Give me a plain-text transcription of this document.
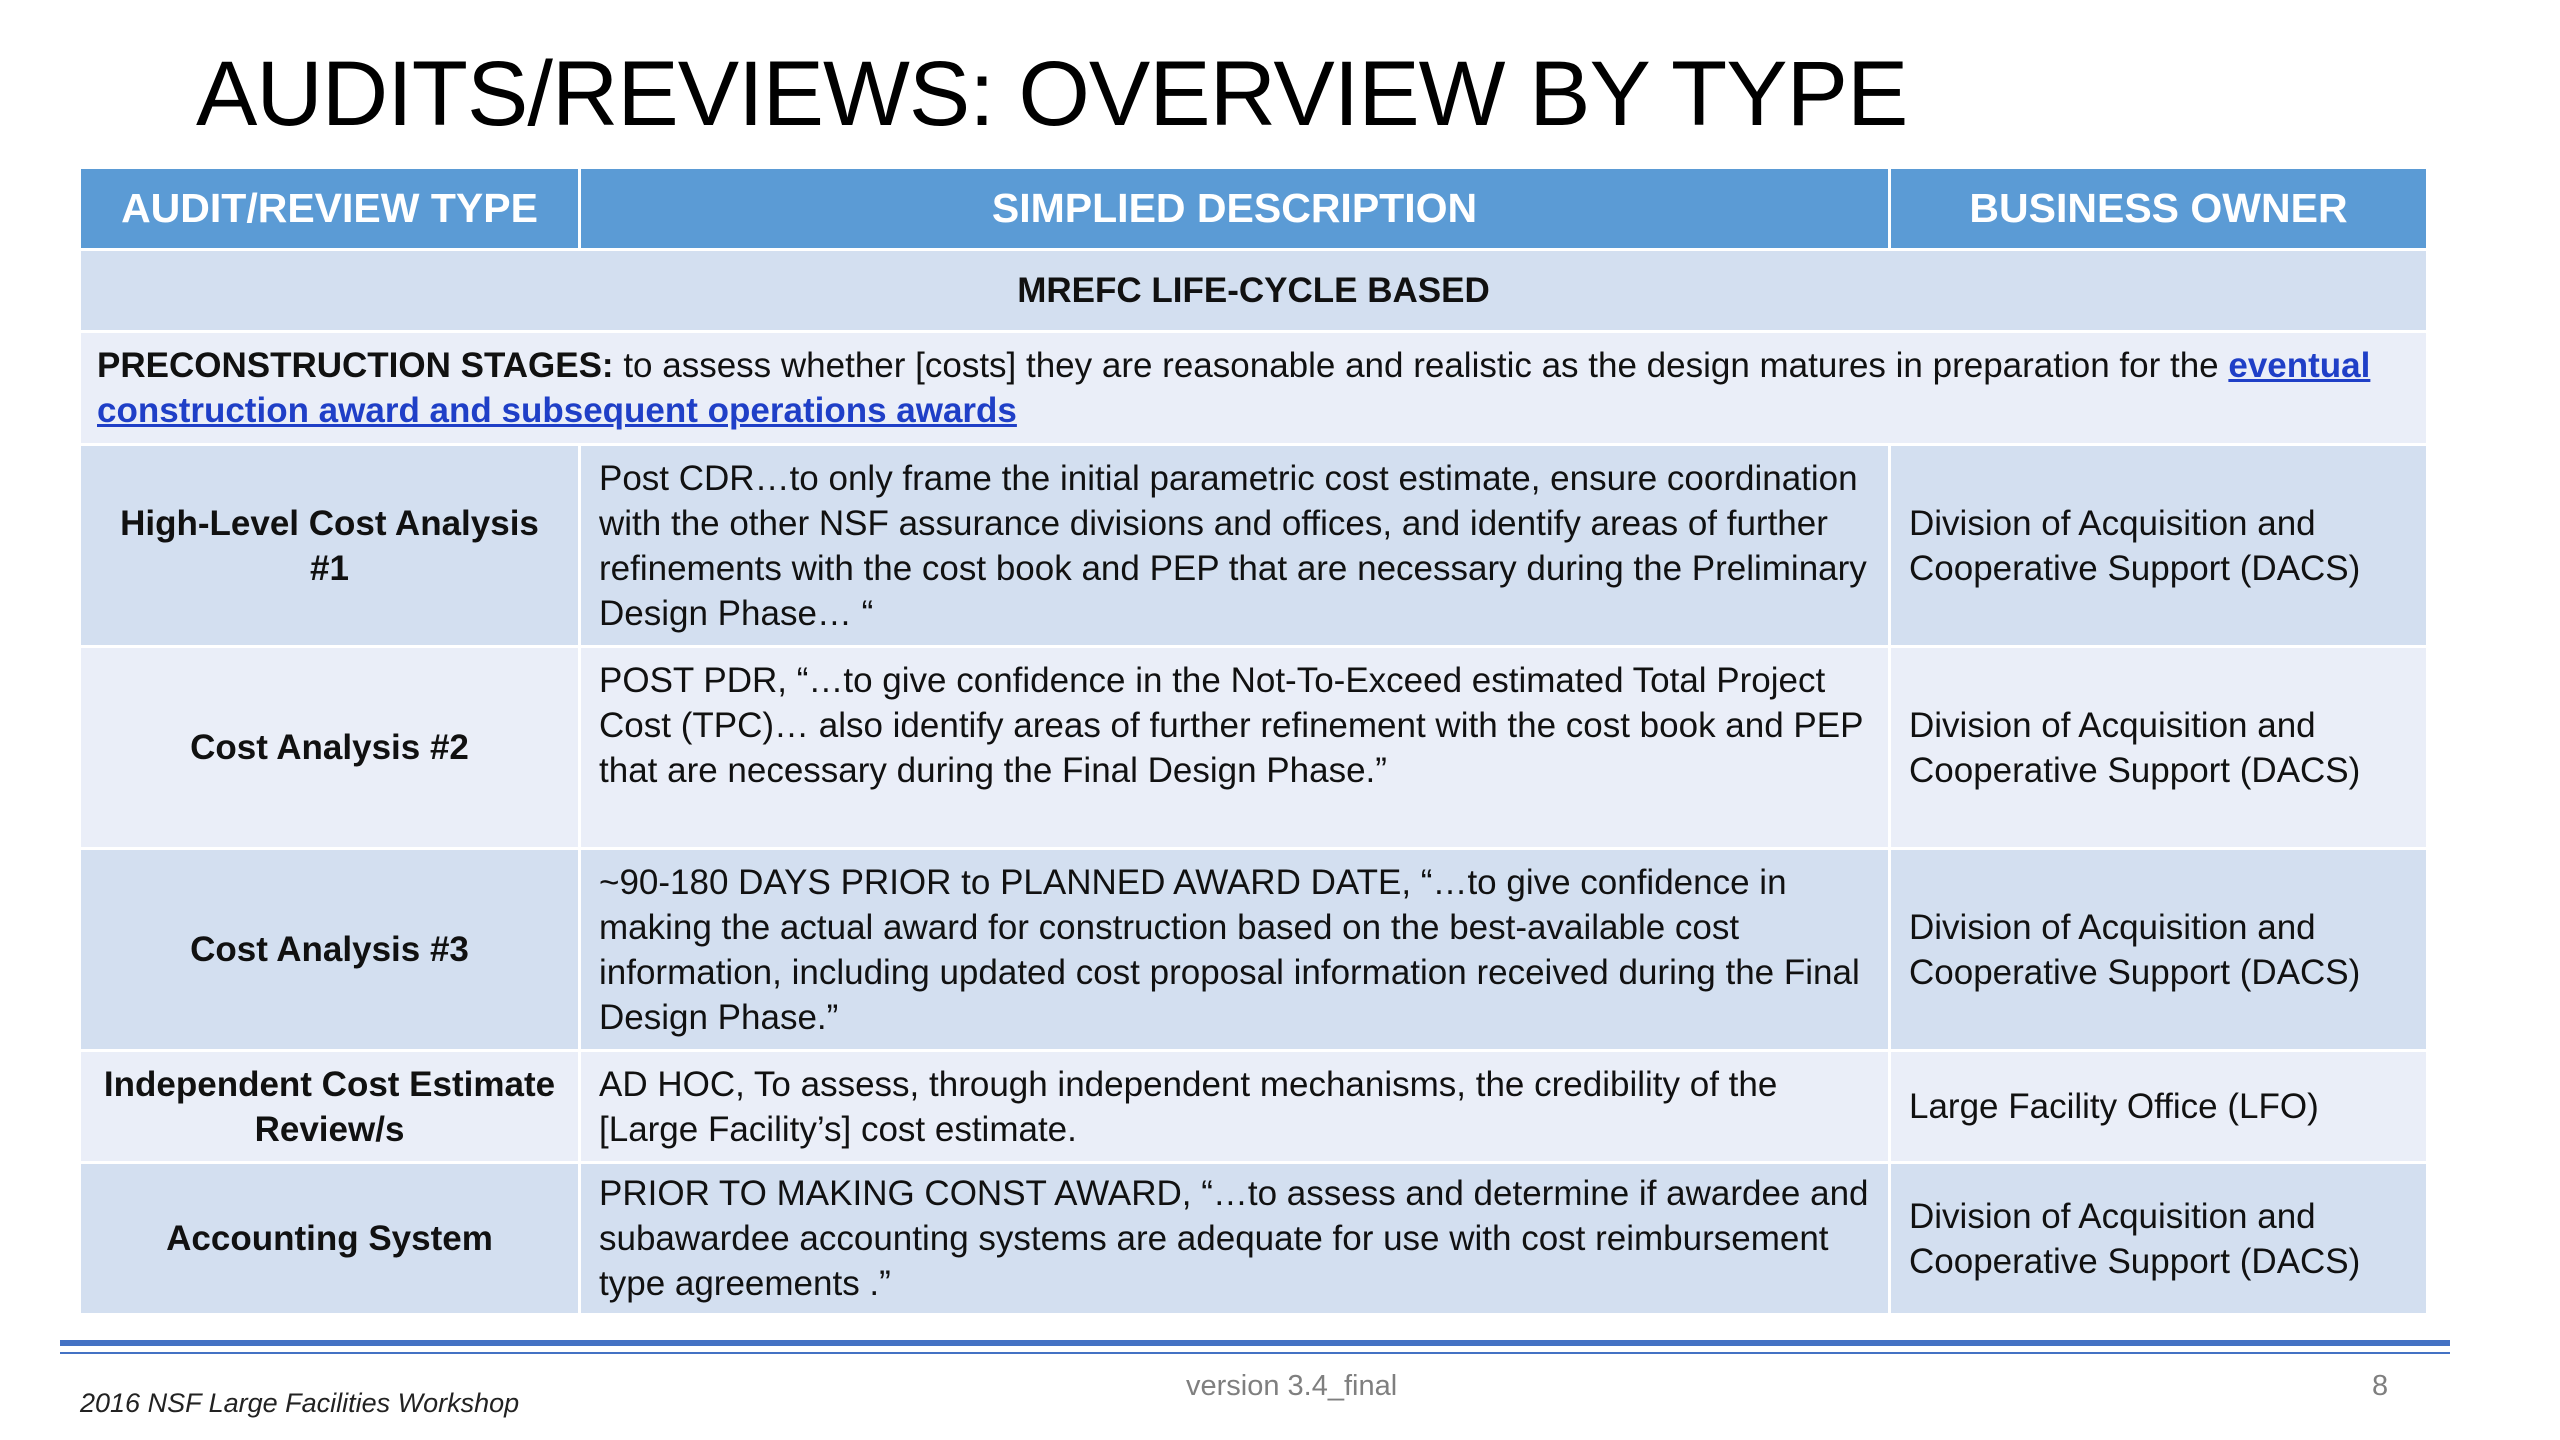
AUDITS/REVIEWS: OVERVIEW BY TYPE
AUDIT/REVIEW TYPE	SIMPLIED DESCRIPTION	BUSINESS OWNER
MREFC LIFE-CYCLE BASED		
PRECONSTRUCTION STAGES: to assess whether [costs] they are reasonable and realistic as the design matures in preparation for the eventual construction award and subsequent operations awards		
High-Level Cost Analysis #1	Post CDR…to only frame the initial parametric cost estimate, ensure coordination with the other NSF assurance divisions and offices, and identify areas of further refinements with the cost book and PEP that are necessary during the Preliminary Design Phase… “	Division of Acquisition and Cooperative Support (DACS)
Cost Analysis #2	POST PDR, “…to give confidence in the Not-To-Exceed estimated Total Project Cost (TPC)… also identify areas of further refinement with the cost book and PEP that are necessary during the Final Design Phase.”	Division of Acquisition and Cooperative Support (DACS)
Cost Analysis #3	~90-180 DAYS PRIOR to PLANNED AWARD DATE, “…to give confidence in making the actual award for construction based on the best-available cost information, including updated cost proposal information received during the Final Design Phase.”	Division of Acquisition and Cooperative Support (DACS)
Independent Cost Estimate Review/s	AD HOC, To assess, through independent mechanisms, the credibility of the [Large Facility’s] cost estimate.	Large Facility Office (LFO)
Accounting System	PRIOR TO MAKING CONST AWARD, “…to assess and determine if awardee and subawardee accounting systems are adequate for use with cost reimbursement type agreements .”	Division of Acquisition and Cooperative Support (DACS)
2016 NSF Large Facilities Workshop
version 3.4_final	8
